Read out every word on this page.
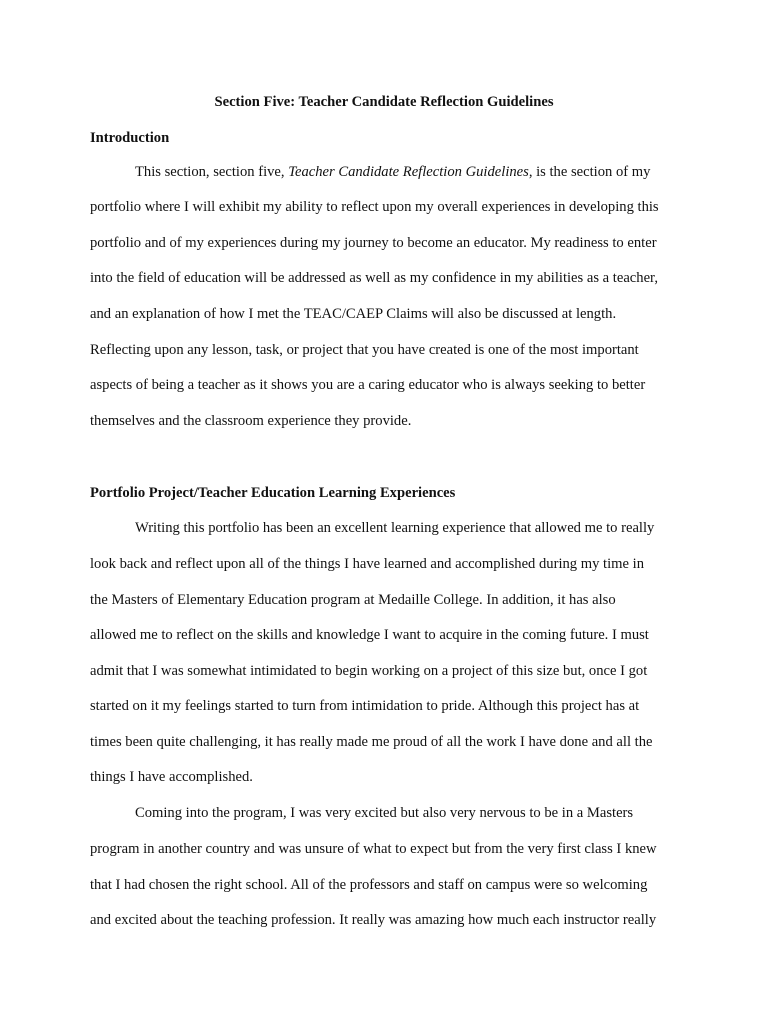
Section Five: Teacher Candidate Reflection Guidelines
Introduction
This section, section five, Teacher Candidate Reflection Guidelines, is the section of my
portfolio where I will exhibit my ability to reflect upon my overall experiences in developing this
portfolio and of my experiences during my journey to become an educator. My readiness to enter
into the field of education will be addressed as well as my confidence in my abilities as a teacher,
and an explanation of how I met the TEAC/CAEP Claims will also be discussed at length.
Reflecting upon any lesson, task, or project that you have created is one of the most important
aspects of being a teacher as it shows you are a caring educator who is always seeking to better
themselves and the classroom experience they provide.
Portfolio Project/Teacher Education Learning Experiences
Writing this portfolio has been an excellent learning experience that allowed me to really
look back and reflect upon all of the things I have learned and accomplished during my time in
the Masters of Elementary Education program at Medaille College. In addition, it has also
allowed me to reflect on the skills and knowledge I want to acquire in the coming future. I must
admit that I was somewhat intimidated to begin working on a project of this size but, once I got
started on it my feelings started to turn from intimidation to pride. Although this project has at
times been quite challenging, it has really made me proud of all the work I have done and all the
things I have accomplished.
Coming into the program, I was very excited but also very nervous to be in a Masters
program in another country and was unsure of what to expect but from the very first class I knew
that I had chosen the right school. All of the professors and staff on campus were so welcoming
and excited about the teaching profession. It really was amazing how much each instructor really
